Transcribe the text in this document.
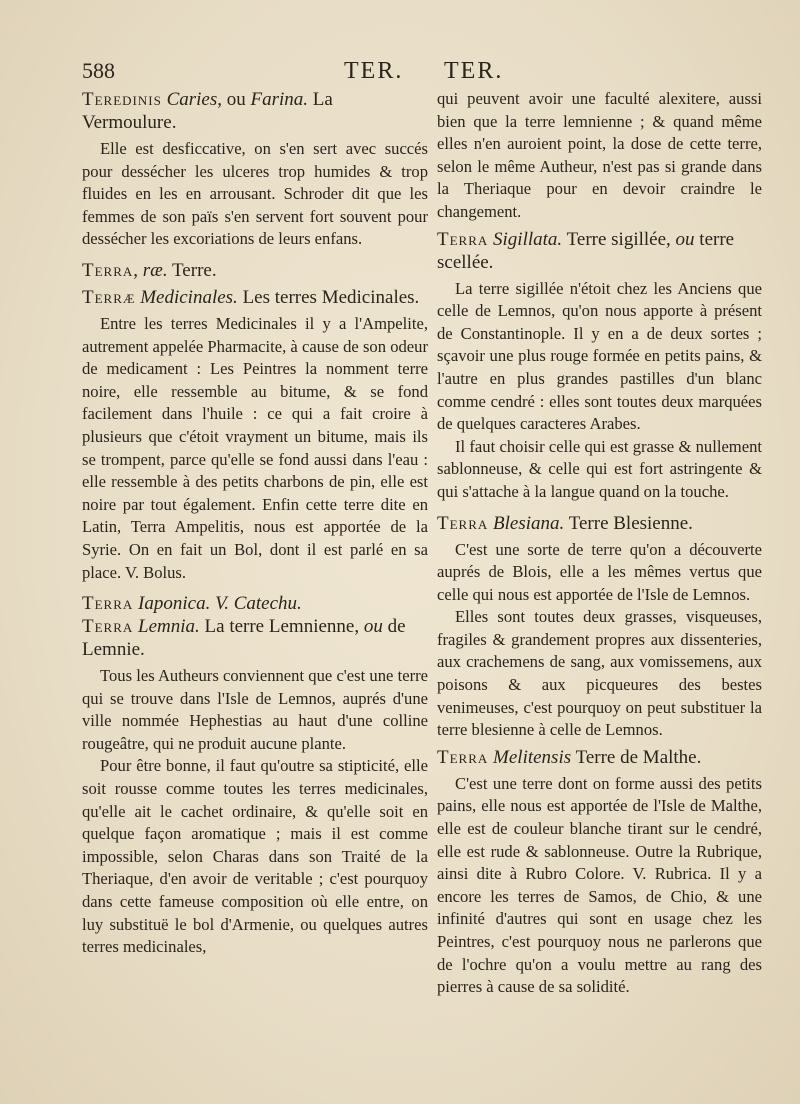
588	TER. TER.

Teredinis Caries, ou Farina. La Vermoulure.

Elle est desficcative, on s'en sert avec succés pour dessécher les ulceres trop humides & trop fluides en les en arrousant. Schroder dit que les femmes de son païs s'en servent fort souvent pour dessécher les excoriations de leurs enfans.

Terra, ræ. Terre.

Terræ Medicinales. Les terres Medicinales.

Entre les terres Medicinales il y a l'Ampelite, autrement appelée Pharmacite, à cause de son odeur de medicament : Les Peintres la nomment terre noire, elle ressemble au bitume, & se fond facilement dans l'huile : ce qui a fait croire à plusieurs que c'étoit vrayment un bitume, mais ils se trompent, parce qu'elle se fond aussi dans l'eau : elle ressemble à des petits charbons de pin, elle est noire par tout également. Enfin cette terre dite en Latin, Terra Ampelitis, nous est apportée de la Syrie. On en fait un Bol, dont il est parlé en sa place. V. Bolus.

Terra Iaponica. V. Catechu.

Terra Lemnia. La terre Lemnienne, ou de Lemnie.

Tous les Autheurs conviennent que c'est une terre qui se trouve dans l'Isle de Lemnos, auprés d'une ville nommée Hephestias au haut d'une colline rougeâtre, qui ne produit aucune plante.

Pour être bonne, il faut qu'outre sa stipticité, elle soit rousse comme toutes les terres medicinales, qu'elle ait le cachet ordinaire, & qu'elle soit en quelque façon aromatique ; mais il est comme impossible, selon Charas dans son Traité de la Theriaque, d'en avoir de veritable ; c'est pourquoy dans cette fameuse composition où elle entre, on luy substituë le bol d'Armenie, ou quelques autres terres medicinales,

qui peuvent avoir une faculté alexitere, aussi bien que la terre lemnienne ; & quand même elles n'en auroient point, la dose de cette terre, selon le même Autheur, n'est pas si grande dans la Theriaque pour en devoir craindre le changement.

Terra Sigillata. Terre sigillée, ou terre scellée.

La terre sigillée n'étoit chez les Anciens que celle de Lemnos, qu'on nous apporte à présent de Constantinople. Il y en a de deux sortes ; sçavoir une plus rouge formée en petits pains, & l'autre en plus grandes pastilles d'un blanc comme cendré : elles sont toutes deux marquées de quelques caracteres Arabes.

Il faut choisir celle qui est grasse & nullement sablonneuse, & celle qui est fort astringente & qui s'attache à la langue quand on la touche.

Terra Blesiana. Terre Blesienne.

C'est une sorte de terre qu'on a découverte auprés de Blois, elle a les mêmes vertus que celle qui nous est apportée de l'Isle de Lemnos.

Elles sont toutes deux grasses, visqueuses, fragiles & grandement propres aux dissenteries, aux crachemens de sang, aux vomissemens, aux poisons & aux picqueures des bestes venimeuses, c'est pourquoy on peut substituer la terre blesienne à celle de Lemnos.

Terra Melitensis Terre de Malthe.

C'est une terre dont on forme aussi des petits pains, elle nous est apportée de l'Isle de Malthe, elle est de couleur blanche tirant sur le cendré, elle est rude & sablonneuse. Outre la Rubrique, ainsi dite à Rubro Colore. V. Rubrica. Il y a encore les terres de Samos, de Chio, & une infinité d'autres qui sont en usage chez les Peintres, c'est pourquoy nous ne parlerons que de l'ochre qu'on a voulu mettre au rang des pierres à cause de sa solidité.
